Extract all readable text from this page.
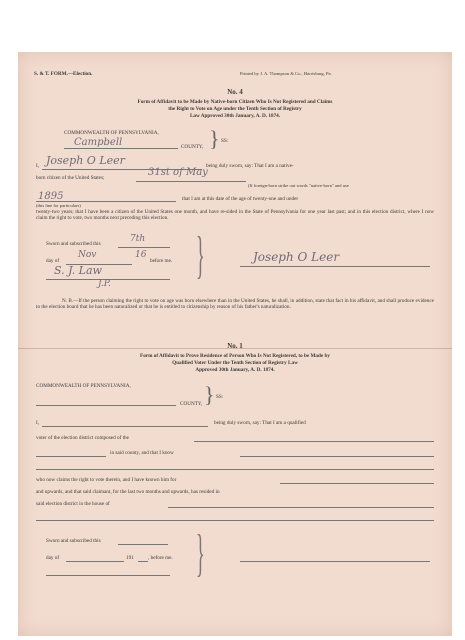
S. & T. FORM.—Election.	Printed by J. A. Thompson & Co., Harrisburg, Pa.
No. 4
Form of Affidavit to be Made by Native-born Citizen Who Is Not Registered and Claims
the Right to Vote on Age under the Tenth Section of Registry
Law Approved 30th January, A. D. 1874.
COMMONWEALTH OF PENNSYLVANIA,
Campbell	COUNTY, } SS:
I, Joseph O Leer	being duly sworn, say: That I am a native-
born citizen of the United States;	31st of May
(If foreign-born strike out words "native-born" and use
1895	that I am at this date of the age of twenty-one and under
(this line for particulars)
twenty-two years; that I have been a citizen of the United States one month, and have re-sided in the State of Pennsylvania for one year last past; and in this election district, where I now claim the right to vote, two months next preceding this election.
Sworn and subscribed this	7th
day of
Nov	16
before me.
S. J. Law
J.P. }	Joseph O Leer
N. B.—If the person claiming the right to vote on age was born elsewhere than in the United States, he shall, in addition, state that fact in his affidavit, and shall produce evidence to the election board that he has been naturalized or that he is entitled to citizenship by reason of his father's naturalization.
No. 1
Form of Affidavit to Prove Residence of Person Who Is Not Registered, to be Made by
Qualified Voter Under the Tenth Section of Registry Law
Approved 30th January, A. D. 1874.
COMMONWEALTH OF PENNSYLVANIA,
COUNTY, } SS:
I,	being duly sworn, say: That I am a qualified
voter of the election district composed of the
in said county, and that I know
who now claims the right to vote therein, and I have known him for
and upwards, and that said claimant, for the last two months and upwards, has resided in
said election district in the house of
Sworn and subscribed this
day of	191	, before me. }
